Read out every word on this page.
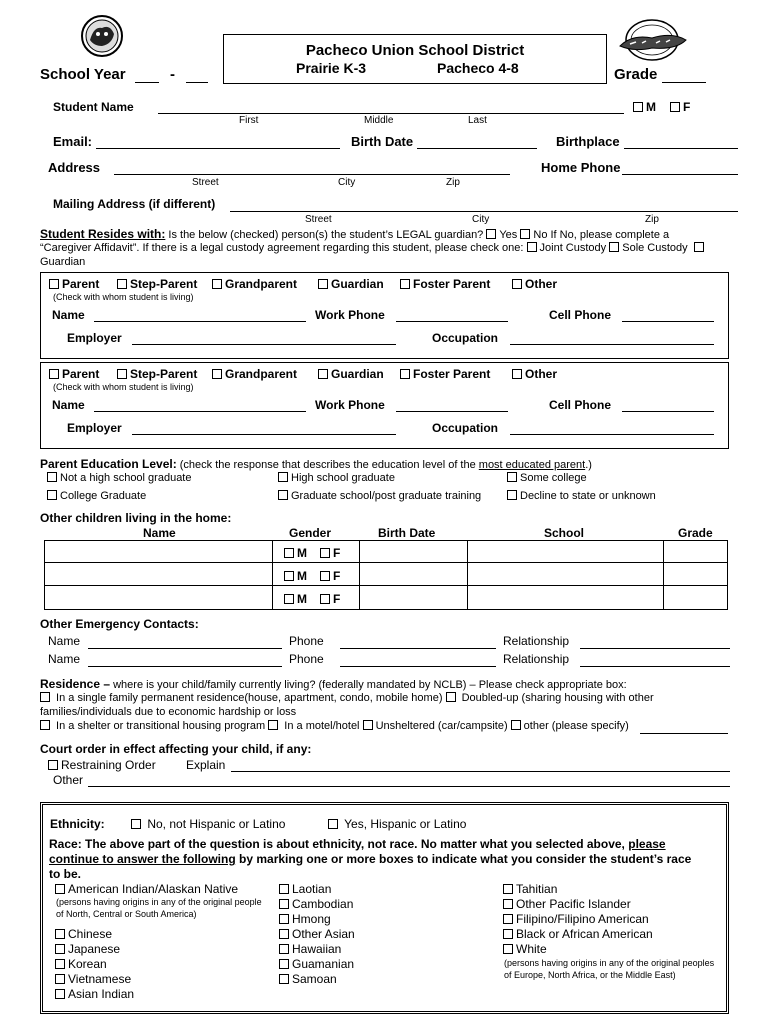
Pacheco Union School District
Prairie K-3	Pacheco 4-8
School Year	-	Grade
Student Name	M	F
First	Middle	Last
Email:	Birth Date	Birthplace
Address	Home Phone
Street	City	Zip
Mailing Address (if different)
Street	City	Zip
Student Resides with: Is the below (checked) person(s) the student’s LEGAL guardian? Yes No If No, please complete a
“Caregiver Affidavit”. If there is a legal custody agreement regarding this student, please check one: Joint Custody Sole Custody
Guardian
Parent	Step-Parent	Grandparent	Guardian	Foster Parent	Other
(Check with whom student is living)
Name	Work Phone	Cell Phone
Employer	Occupation
Parent	Step-Parent	Grandparent	Guardian	Foster Parent	Other
(Check with whom student is living)
Name	Work Phone	Cell Phone
Employer	Occupation
Parent Education Level: (check the response that describes the education level of the most educated parent.)
Not a high school graduate	High school graduate	Some college
College Graduate	Graduate school/post graduate training	Decline to state or unknown
Other children living in the home:
Name	Gender	Birth Date	School	Grade
M	F
M	F
M	F
Other Emergency Contacts:
Name	Phone	Relationship
Name	Phone	Relationship
Residence – where is your child/family currently living? (federally mandated by NCLB) – Please check appropriate box:
In a single family permanent residence(house, apartment, condo, mobile home)  Doubled-up (sharing housing with other
families/individuals due to economic hardship or loss
In a shelter or transitional housing program  In a motel/hotel Unsheltered (car/campsite) other (please specify)
Court order in effect affecting your child, if any:
Restraining Order	Explain
Other
Ethnicity:	No, not Hispanic or Latino	Yes, Hispanic or Latino
Race: The above part of the question is about ethnicity, not race. No matter what you selected above, please
continue to answer the following by marking one or more boxes to indicate what you consider the student’s race
to be.
American Indian/Alaskan Native
(persons having origins in any of the original people of North, Central or South America)
Chinese
Japanese
Korean
Vietnamese
Asian Indian
Laotian
Cambodian
Hmong
Other Asian
Hawaiian
Guamanian
Samoan
Tahitian
Other Pacific Islander
Filipino/Filipino American
Black or African American
White
(persons having origins in any of the original peoples of Europe, North Africa, or the Middle East)
